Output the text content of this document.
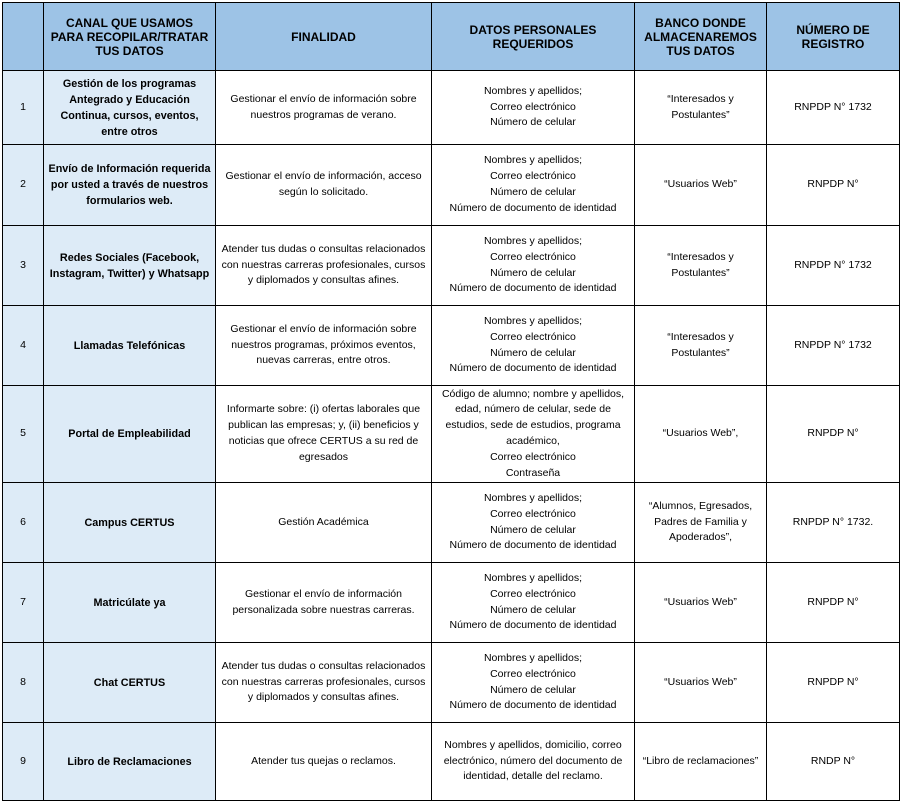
	CANAL QUE USAMOS PARA RECOPILAR/TRATAR TUS DATOS	FINALIDAD	DATOS PERSONALES REQUERIDOS	BANCO DONDE ALMACENAREMOS TUS DATOS	NÚMERO DE REGISTRO
1	Gestión de los programas Antegrado y Educación Continua, cursos, eventos, entre otros	Gestionar el envío de información sobre nuestros programas de verano.	Nombres y apellidos;
Correo electrónico
Número de celular	“Interesados y Postulantes”	RNPDP N° 1732
2	Envío de Información requerida por usted a través de nuestros formularios web.	Gestionar el envío de información, acceso según lo solicitado.	Nombres y apellidos;
Correo electrónico
Número de celular
Número de documento de identidad	“Usuarios Web”	RNPDP N°
3	Redes Sociales (Facebook, Instagram, Twitter) y Whatsapp	Atender tus dudas o consultas relacionados con nuestras carreras profesionales, cursos y diplomados y consultas afines.	Nombres y apellidos;
Correo electrónico
Número de celular
Número de documento de identidad	“Interesados y Postulantes”	RNPDP N° 1732
4	Llamadas Telefónicas	Gestionar el envío de información sobre nuestros programas, próximos eventos, nuevas carreras, entre otros.	Nombres y apellidos;
Correo electrónico
Número de celular
Número de documento de identidad	“Interesados y Postulantes”	RNPDP N° 1732
5	Portal de Empleabilidad	Informarte sobre: (i) ofertas laborales que publican las empresas; y, (ii) beneficios y noticias que ofrece CERTUS a su red de egresados	Código de alumno; nombre y apellidos, edad, número de celular, sede de estudios, sede de estudios, programa académico,
Correo electrónico
Contraseña	“Usuarios Web”,	RNPDP N°
6	Campus CERTUS	Gestión Académica	Nombres y apellidos;
Correo electrónico
Número de celular
Número de documento de identidad	“Alumnos, Egresados, Padres de Familia y Apoderados”,	RNPDP N° 1732.
7	Matricúlate ya	Gestionar el envío de información personalizada sobre nuestras carreras.	Nombres y apellidos;
Correo electrónico
Número de celular
Número de documento de identidad	“Usuarios Web”	RNPDP N°
8	Chat CERTUS	Atender tus dudas o consultas relacionados con nuestras carreras profesionales, cursos y diplomados y consultas afines.	Nombres y apellidos;
Correo electrónico
Número de celular
Número de documento de identidad	“Usuarios Web”	RNPDP N°
9	Libro de Reclamaciones	Atender tus quejas o reclamos.	Nombres y apellidos, domicilio, correo electrónico, número del documento de identidad, detalle del reclamo.	“Libro de reclamaciones”	RNDP N°
